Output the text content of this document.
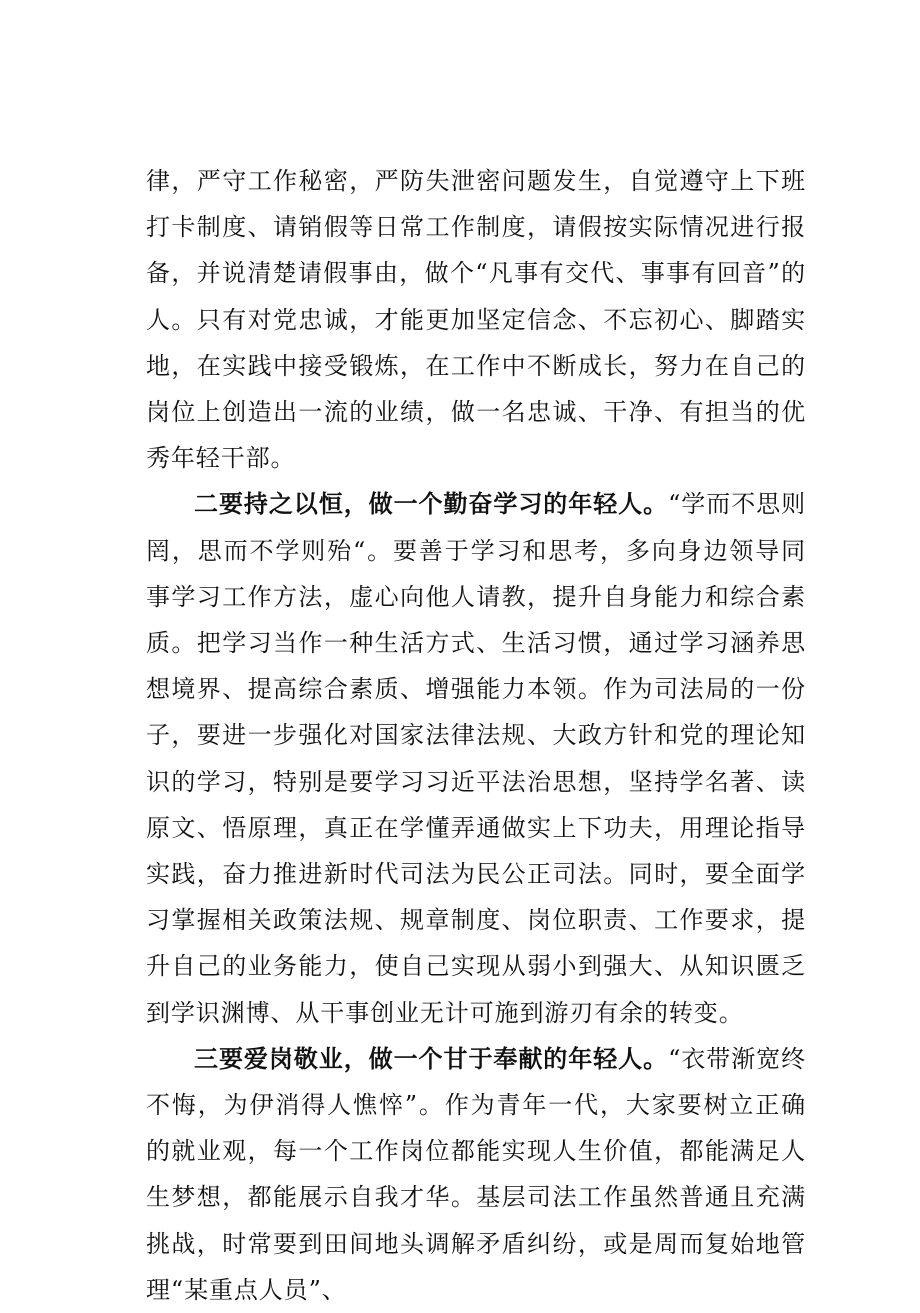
律，严守工作秘密，严防失泄密问题发生，自觉遵守上下班打卡制度、请销假等日常工作制度，请假按实际情况进行报备，并说清楚请假事由，做个“凡事有交代、事事有回音”的人。只有对党忠诚，才能更加坚定信念、不忘初心、脚踏实地，在实践中接受锻炼，在工作中不断成长，努力在自己的岗位上创造出一流的业绩，做一名忠诚、干净、有担当的优秀年轻干部。

二要持之以恒，做一个勤奋学习的年轻人。“学而不思则罔，思而不学则殆“。要善于学习和思考，多向身边领导同事学习工作方法，虚心向他人请教，提升自身能力和综合素质。把学习当作一种生活方式、生活习惯，通过学习涵养思想境界、提高综合素质、增强能力本领。作为司法局的一份子，要进一步强化对国家法律法规、大政方针和党的理论知识的学习，特别是要学习习近平法治思想，坚持学名著、读原文、悟原理，真正在学懂弄通做实上下功夫，用理论指导实践，奋力推进新时代司法为民公正司法。同时，要全面学习掌握相关政策法规、规章制度、岗位职责、工作要求，提升自己的业务能力，使自己实现从弱小到强大、从知识匮乏到学识渊博、从干事创业无计可施到游刃有余的转变。

三要爱岗敬业，做一个甘于奉献的年轻人。“衣带渐宽终不悔，为伊消得人憔悴”。作为青年一代，大家要树立正确的就业观，每一个工作岗位都能实现人生价值，都能满足人生梦想，都能展示自我才华。基层司法工作虽然普通且充满挑战，时常要到田间地头调解矛盾纠纷，或是周而复始地管理“某重点人员”、
